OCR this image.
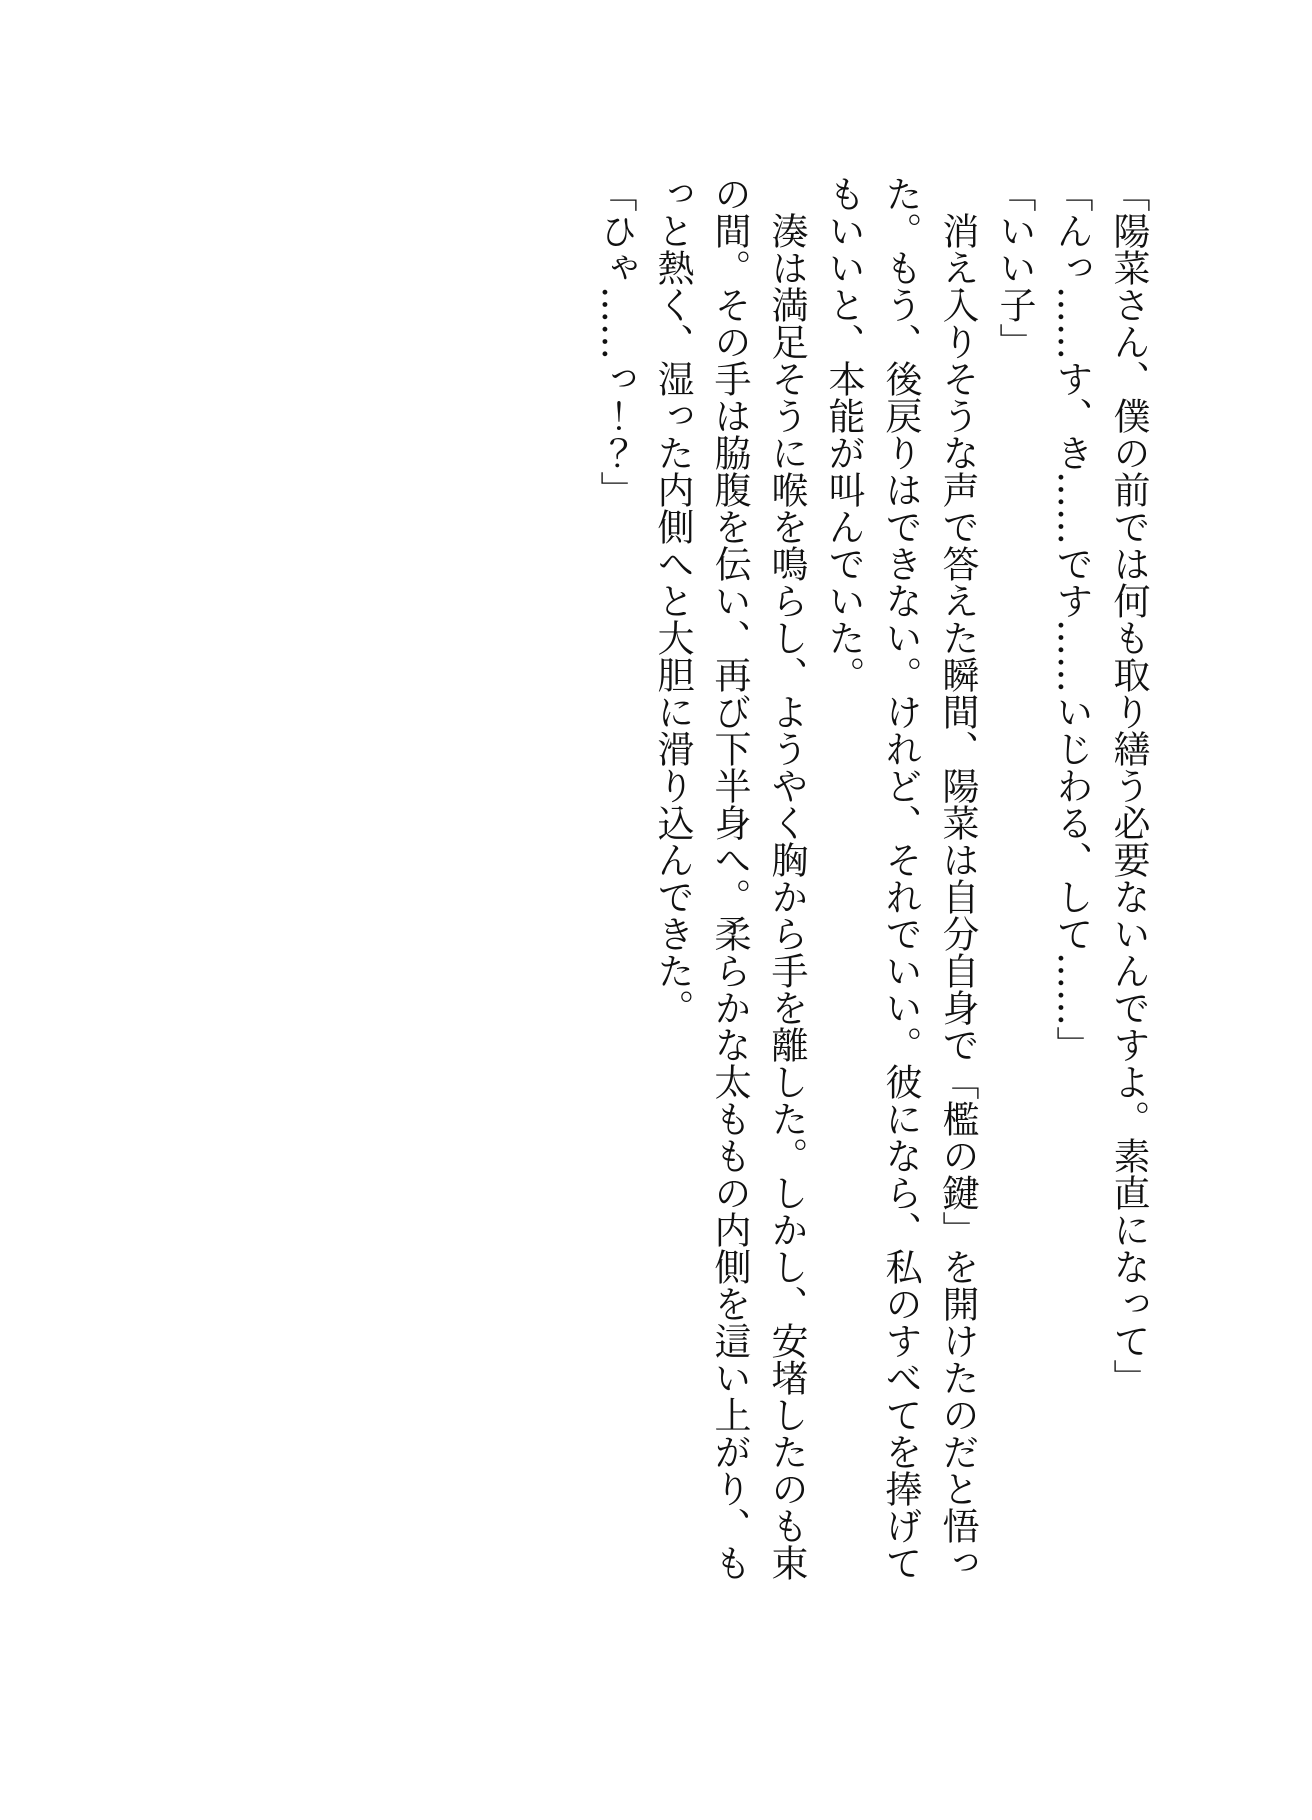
「陽菜さん、僕の前では何も取り繕う必要ないんですよ。素直になって」

「んっ……す、き……です……いじわる、して……」

「いい子」

消え入りそうな声で答えた瞬間、陽菜は自分自身で「檻の鍵」を開けたのだと悟った。もう、後戻りはできない。けれど、それでいい。彼になら、私のすべてを捧げてもいいと、本能が叫んでいた。

湊は満足そうに喉を鳴らし、ようやく胸から手を離した。しかし、安堵したのも束の間。その手は脇腹を伝い、再び下半身へ。柔らかな太ももの内側を這い上がり、もっと熱く、湿った内側へと大胆に滑り込んできた。

「ひゃ……っ！？」
